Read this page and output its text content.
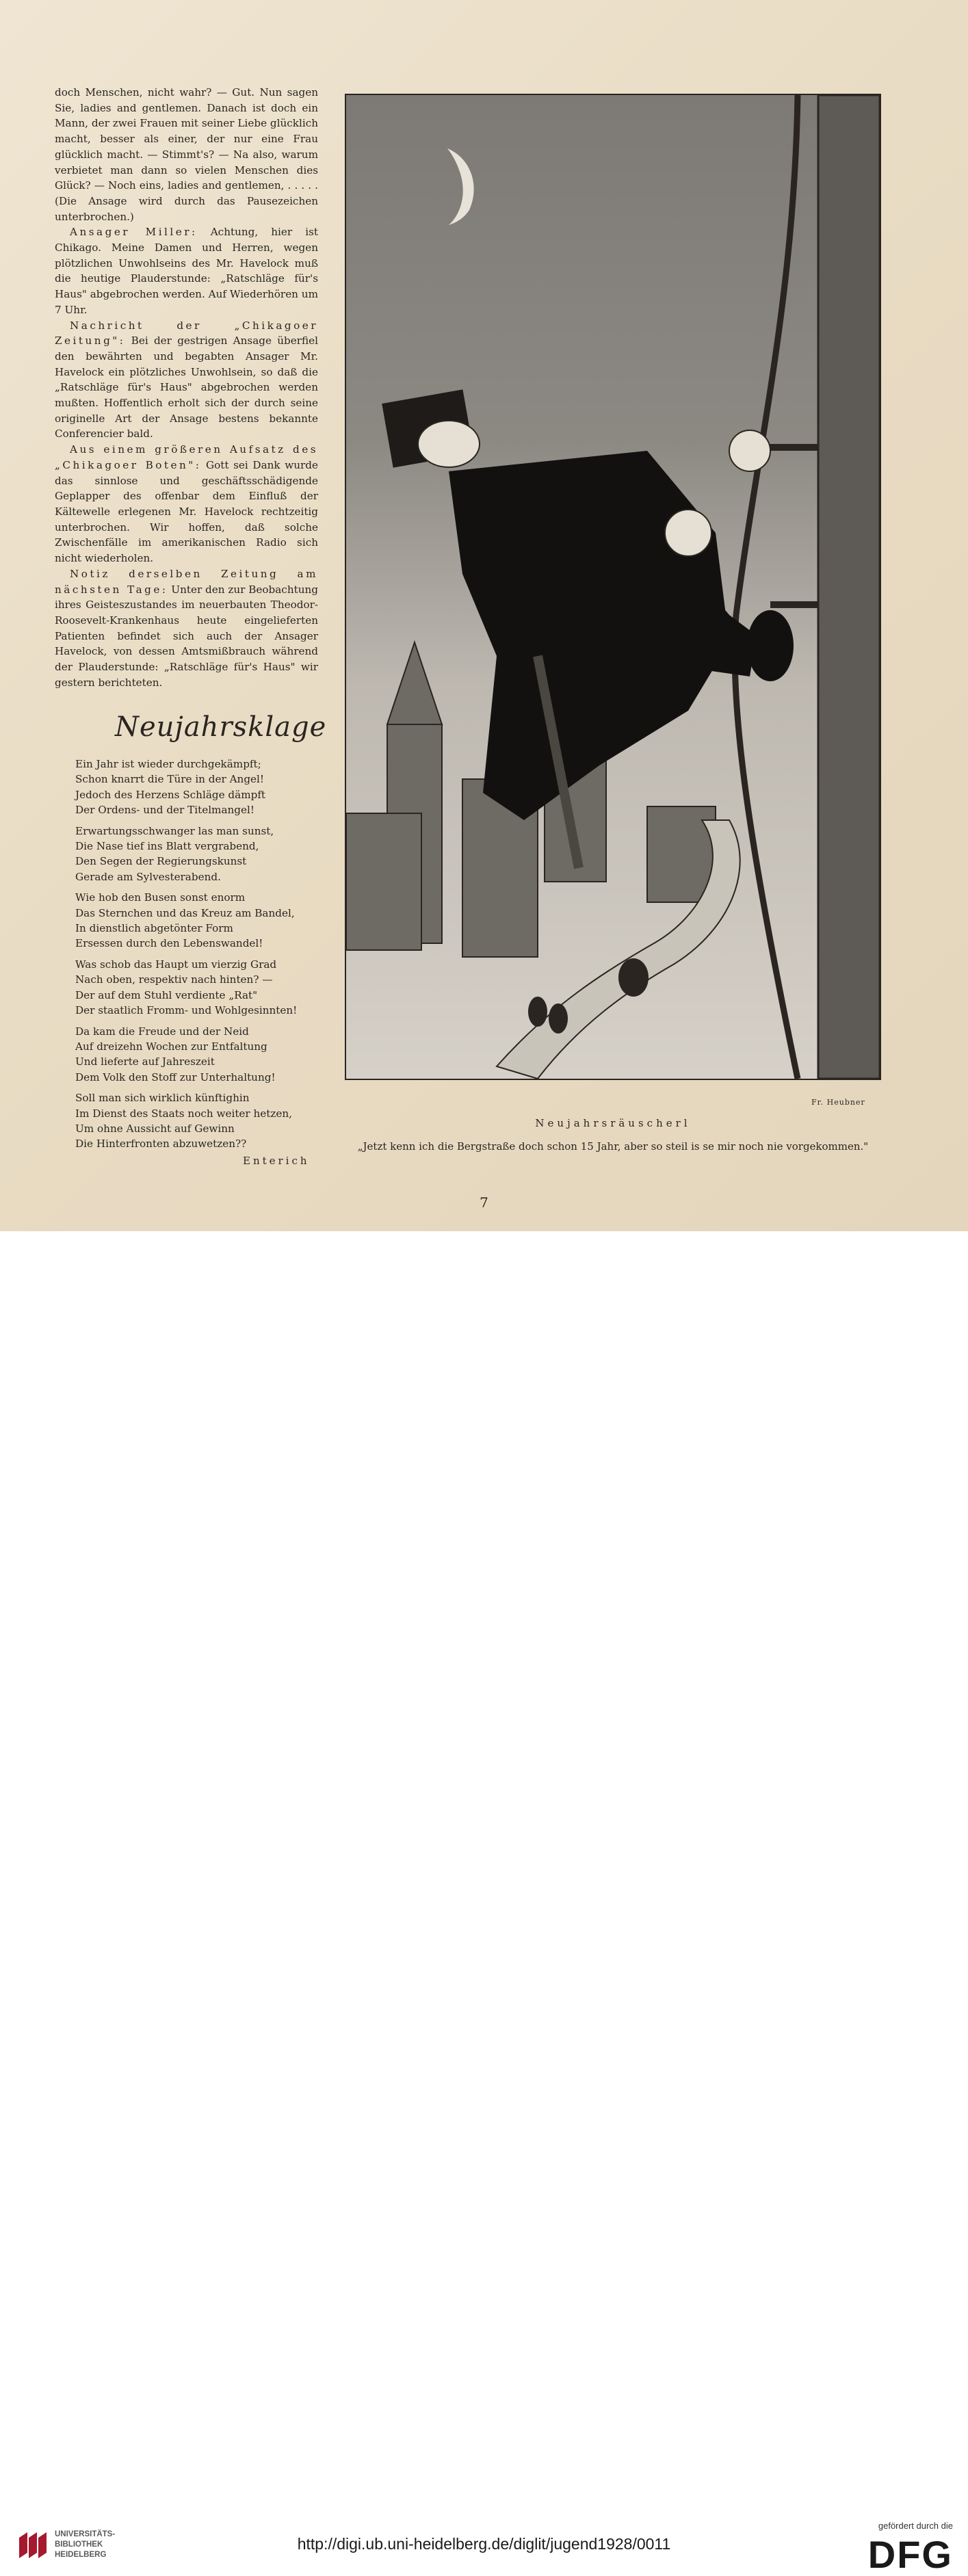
doch Menschen, nicht wahr? — Gut. Nun sagen Sie, ladies and gentlemen. Danach ist doch ein Mann, der zwei Frauen mit seiner Liebe glücklich macht, besser als einer, der nur eine Frau glücklich macht. — Stimmt's? — Na also, warum verbietet man dann so vielen Menschen dies Glück? — Noch eins, ladies and gentlemen, . . . . . (Die Ansage wird durch das Pausezeichen unterbrochen.)

Ansager Miller: Achtung, hier ist Chikago. Meine Damen und Herren, wegen plötzlichen Unwohlseins des Mr. Havelock muß die heutige Plauderstunde: „Ratschläge für's Haus" abgebrochen werden. Auf Wiederhören um 7 Uhr.

Nachricht der „Chikagoer Zeitung": Bei der gestrigen Ansage überfiel den bewährten und begabten Ansager Mr. Havelock ein plötzliches Unwohlsein, so daß die „Ratschläge für's Haus" abgebrochen werden mußten. Hoffentlich erholt sich der durch seine originelle Art der Ansage bestens bekannte Conferencier bald.

Aus einem größeren Aufsatz des „Chikagoer Boten": Gott sei Dank wurde das sinnlose und geschäftsschädigende Geplapper des offenbar dem Einfluß der Kältewelle erlegenen Mr. Havelock rechtzeitig unterbrochen. Wir hoffen, daß solche Zwischenfälle im amerikanischen Radio sich nicht wiederholen.

Notiz derselben Zeitung am nächsten Tage: Unter den zur Beobachtung ihres Geisteszustandes im neuerbauten Theodor-Roosevelt-Krankenhaus heute eingelieferten Patienten befindet sich auch der Ansager Havelock, von dessen Amtsmißbrauch während der Plauderstunde: „Ratschläge für's Haus" wir gestern berichteten.

Neujahrsklage
Ein Jahr ist wieder durchgekämpft;
Schon knarrt die Türe in der Angel!
Jedoch des Herzens Schläge dämpft
Der Ordens- und der Titelmangel!
Erwartungsschwanger las man sunst,
Die Nase tief ins Blatt vergrabend,
Den Segen der Regierungskunst
Gerade am Sylvesterabend.
Wie hob den Busen sonst enorm
Das Sternchen und das Kreuz am Bandel,
In dienstlich abgetönter Form
Ersessen durch den Lebenswandel!
Was schob das Haupt um vierzig Grad
Nach oben, respektiv nach hinten? —
Der auf dem Stuhl verdiente „Rat"
Der staatlich Fromm- und Wohlgesinnten!
Da kam die Freude und der Neid
Auf dreizehn Wochen zur Entfaltung
Und lieferte auf Jahreszeit
Dem Volk den Stoff zur Unterhaltung!
Soll man sich wirklich künftighin
Im Dienst des Staats noch weiter hetzen,
Um ohne Aussicht auf Gewinn
Die Hinterfronten abzuwetzen??
Enterich
Fr. Heubner
Neujahrsräuscherl
„Jetzt kenn ich die Bergstraße doch schon 15 Jahr, aber so steil is se mir noch nie vorgekommen."
7
UNIVERSITÄTS-
BIBLIOTHEK
HEIDELBERG
http://digi.ub.uni-heidelberg.de/diglit/jugend1928/0011
gefördert durch die
DFG
